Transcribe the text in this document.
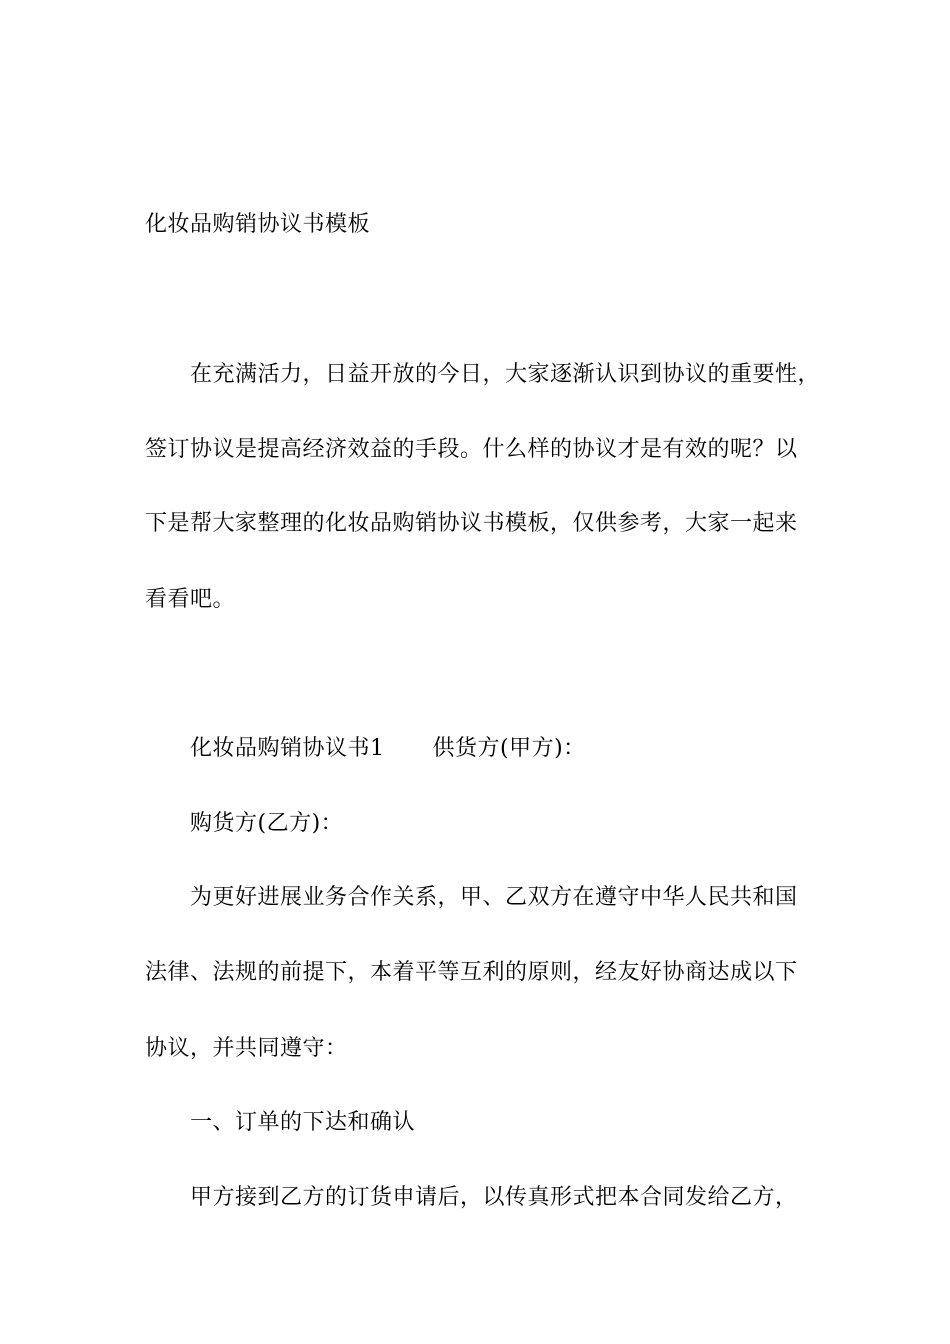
化妆品购销协议书模板
在充满活力，日益开放的今日，大家逐渐认识到协议的重要性，
签订协议是提高经济效益的手段。什么样的协议才是有效的呢？以
下是帮大家整理的化妆品购销协议书模板，仅供参考，大家一起来
看看吧。
化妆品购销协议书1 供货方(甲方)：
购货方(乙方)：
为更好进展业务合作关系，甲、乙双方在遵守中华人民共和国
法律、法规的前提下，本着平等互利的原则，经友好协商达成以下
协议，并共同遵守：
一、订单的下达和确认
甲方接到乙方的订货申请后，以传真形式把本合同发给乙方，
